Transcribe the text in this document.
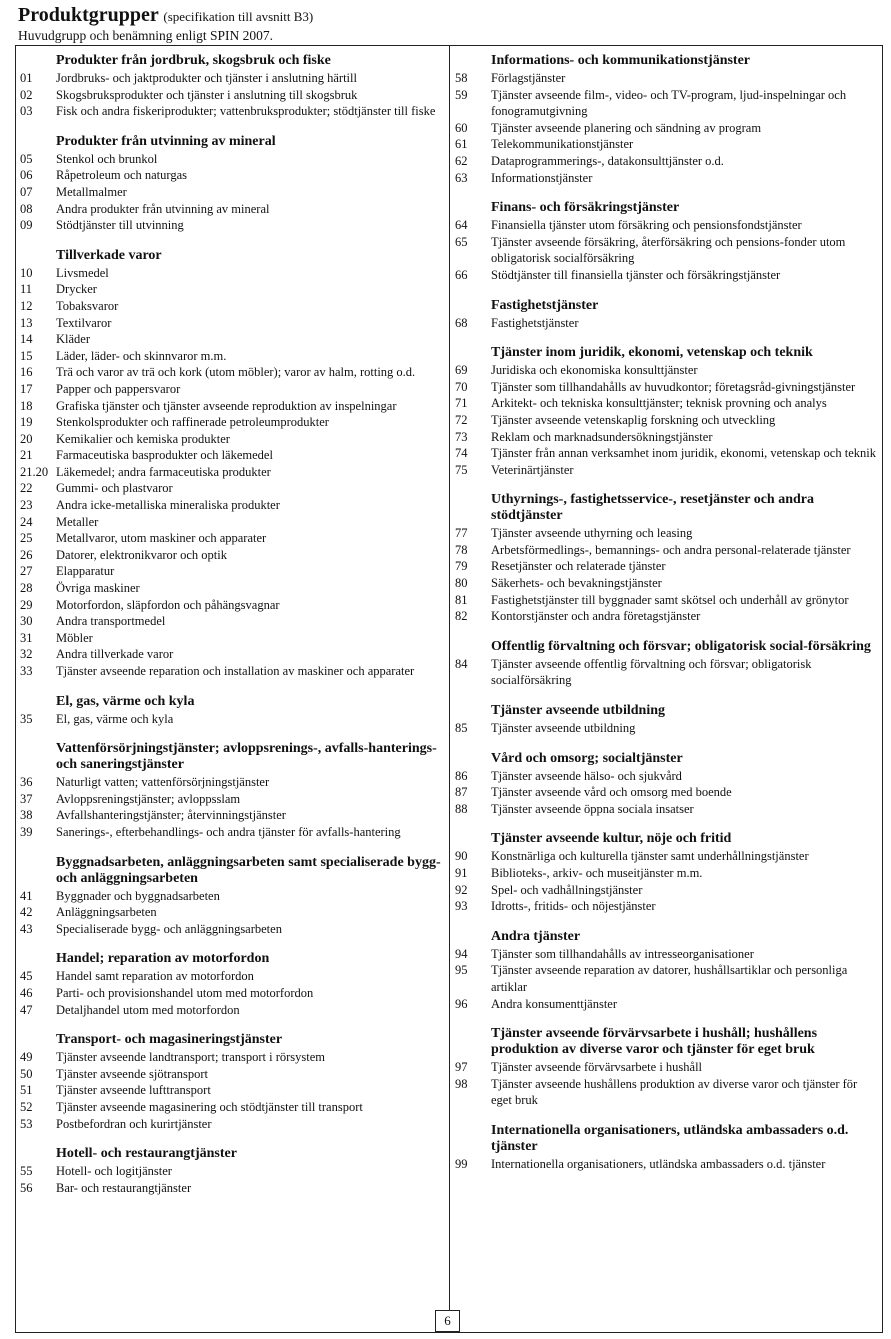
Produktgrupper (specifikation till avsnitt B3)
Huvudgrupp och benämning enligt SPIN 2007.
Produkter från jordbruk, skogsbruk och fiske
01	Jordbruks- och jaktprodukter och tjänster i anslutning härtill
02	Skogsbruksprodukter och tjänster i anslutning till skogsbruk
03	Fisk och andra fiskeriprodukter; vattenbruksprodukter; stödtjänster till fiske
Produkter från utvinning av mineral
05	Stenkol och brunkol
06	Råpetroleum och naturgas
07	Metallmalmer
08	Andra produkter från utvinning av mineral
09	Stödtjänster till utvinning
Tillverkade varor
10	Livsmedel
11	Drycker
12	Tobaksvaror
13	Textilvaror
14	Kläder
15	Läder, läder- och skinnvaror m.m.
16	Trä och varor av trä och kork (utom möbler); varor av halm, rotting o.d.
17	Papper och pappersvaror
18	Grafiska tjänster och tjänster avseende reproduktion av inspelningar
19	Stenkolsprodukter och raffinerade petroleumprodukter
20	Kemikalier och kemiska produkter
21	Farmaceutiska basprodukter och läkemedel
21.20 Läkemedel; andra farmaceutiska produkter
22	Gummi- och plastvaror
23	Andra icke-metalliska mineraliska produkter
24	Metaller
25	Metallvaror, utom maskiner och apparater
26	Datorer, elektronikvaror och optik
27	Elapparatur
28	Övriga maskiner
29	Motorfordon, släpfordon och påhängsvagnar
30	Andra transportmedel
31	Möbler
32	Andra tillverkade varor
33	Tjänster avseende reparation och installation av maskiner och apparater
El, gas, värme och kyla
35	El, gas, värme och kyla
Vattenförsörjningstjänster; avloppsrenings-, avfalls-hanterings- och saneringstjänster
36	Naturligt vatten; vattenförsörjningstjänster
37	Avloppsreningstjänster; avloppsslam
38	Avfallshanteringstjänster; återvinningstjänster
39	Sanerings-, efterbehandlings- och andra tjänster för avfalls-hantering
Byggnadsarbeten, anläggningsarbeten samt specialiserade bygg- och anläggningsarbeten
41	Byggnader och byggnadsarbeten
42	Anläggningsarbeten
43	Specialiserade bygg- och anläggningsarbeten
Handel; reparation av motorfordon
45	Handel samt reparation av motorfordon
46	Parti- och provisionshandel utom med motorfordon
47	Detaljhandel utom med motorfordon
Transport- och magasineringstjänster
49	Tjänster avseende landtransport; transport i rörsystem
50	Tjänster avseende sjötransport
51	Tjänster avseende lufttransport
52	Tjänster avseende magasinering och stödtjänster till transport
53	Postbefordran och kurirtjänster
Hotell- och restaurangtjänster
55	Hotell- och logitjänster
56	Bar- och restaurangtjänster
Informations- och kommunikationstjänster
58	Förlagstjänster
59	Tjänster avseende film-, video- och TV-program, ljud-inspelningar och fonogramutgivning
60	Tjänster avseende planering och sändning av program
61	Telekommunikationstjänster
62	Dataprogrammerings-, datakonsulttjänster o.d.
63	Informationstjänster
Finans- och försäkringstjänster
64	Finansiella tjänster utom försäkring och pensionsfondstjänster
65	Tjänster avseende försäkring, återförsäkring och pensions-fonder utom obligatorisk socialförsäkring
66	Stödtjänster till finansiella tjänster och försäkringstjänster
Fastighetstjänster
68	Fastighetstjänster
Tjänster inom juridik, ekonomi, vetenskap och teknik
69	Juridiska och ekonomiska konsulttjänster
70	Tjänster som tillhandahålls av huvudkontor; företagsråd-givningstjänster
71	Arkitekt- och tekniska konsulttjänster; teknisk provning och analys
72	Tjänster avseende vetenskaplig forskning och utveckling
73	Reklam och marknadsundersökningstjänster
74	Tjänster från annan verksamhet inom juridik, ekonomi, vetenskap och teknik
75	Veterinärtjänster
Uthyrnings-, fastighetsservice-, resetjänster och andra stödtjänster
77	Tjänster avseende uthyrning och leasing
78	Arbetsförmedlings-, bemannings- och andra personal-relaterade tjänster
79	Resetjänster och relaterade tjänster
80	Säkerhets- och bevakningstjänster
81	Fastighetstjänster till byggnader samt skötsel och underhåll av grönytor
82	Kontorstjänster och andra företagstjänster
Offentlig förvaltning och försvar; obligatorisk social-försäkring
84	Tjänster avseende offentlig förvaltning och försvar; obligatorisk socialförsäkring
Tjänster avseende utbildning
85	Tjänster avseende utbildning
Vård och omsorg; socialtjänster
86	Tjänster avseende hälso- och sjukvård
87	Tjänster avseende vård och omsorg med boende
88	Tjänster avseende öppna sociala insatser
Tjänster avseende kultur, nöje och fritid
90	Konstnärliga och kulturella tjänster samt underhållningstjänster
91	Biblioteks-, arkiv- och museitjänster m.m.
92	Spel- och vadhållningstjänster
93	Idrotts-, fritids- och nöjestjänster
Andra tjänster
94	Tjänster som tillhandahålls av intresseorganisationer
95	Tjänster avseende reparation av datorer, hushållsartiklar och personliga artiklar
96	Andra konsumenttjänster
Tjänster avseende förvärvsarbete i hushåll; hushållens produktion av diverse varor och tjänster för eget bruk
97	Tjänster avseende förvärvsarbete i hushåll
98	Tjänster avseende hushållens produktion av diverse varor och tjänster för eget bruk
Internationella organisationers, utländska ambassaders o.d. tjänster
99	Internationella organisationers, utländska ambassaders o.d. tjänster
6
